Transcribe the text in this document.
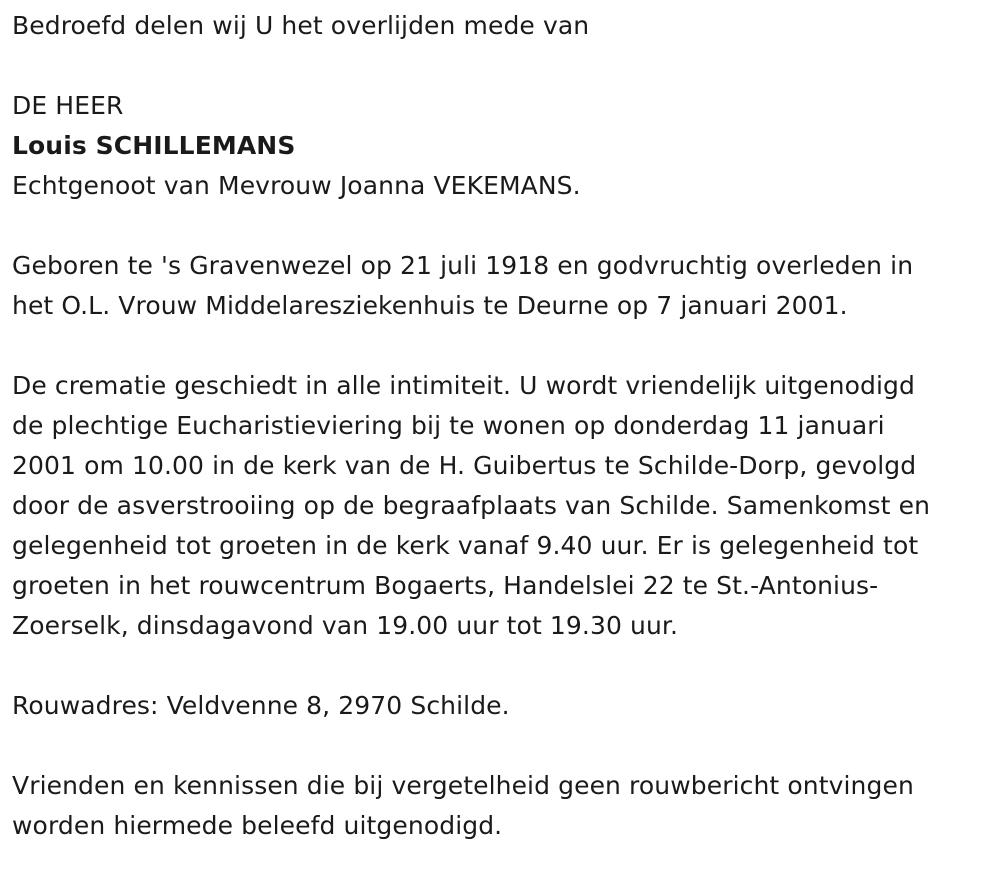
Bedroefd delen wij U het overlijden mede van
DE HEER
Louis SCHILLEMANS
Echtgenoot van Mevrouw Joanna VEKEMANS.
Geboren te 's Gravenwezel op 21 juli 1918 en godvruchtig overleden in
het O.L. Vrouw Middelaresziekenhuis te Deurne op 7 januari 2001.
De crematie geschiedt in alle intimiteit. U wordt vriendelijk uitgenodigd
de plechtige Eucharistieviering bij te wonen op donderdag 11 januari
2001 om 10.00 in de kerk van de H. Guibertus te Schilde-Dorp, gevolgd
door de asverstrooiing op de begraafplaats van Schilde. Samenkomst en
gelegenheid tot groeten in de kerk vanaf 9.40 uur. Er is gelegenheid tot
groeten in het rouwcentrum Bogaerts, Handelslei 22 te St.-Antonius-
Zoerselk, dinsdagavond van 19.00 uur tot 19.30 uur.
Rouwadres: Veldvenne 8, 2970 Schilde.
Vrienden en kennissen die bij vergetelheid geen rouwbericht ontvingen
worden hiermede beleefd uitgenodigd.
